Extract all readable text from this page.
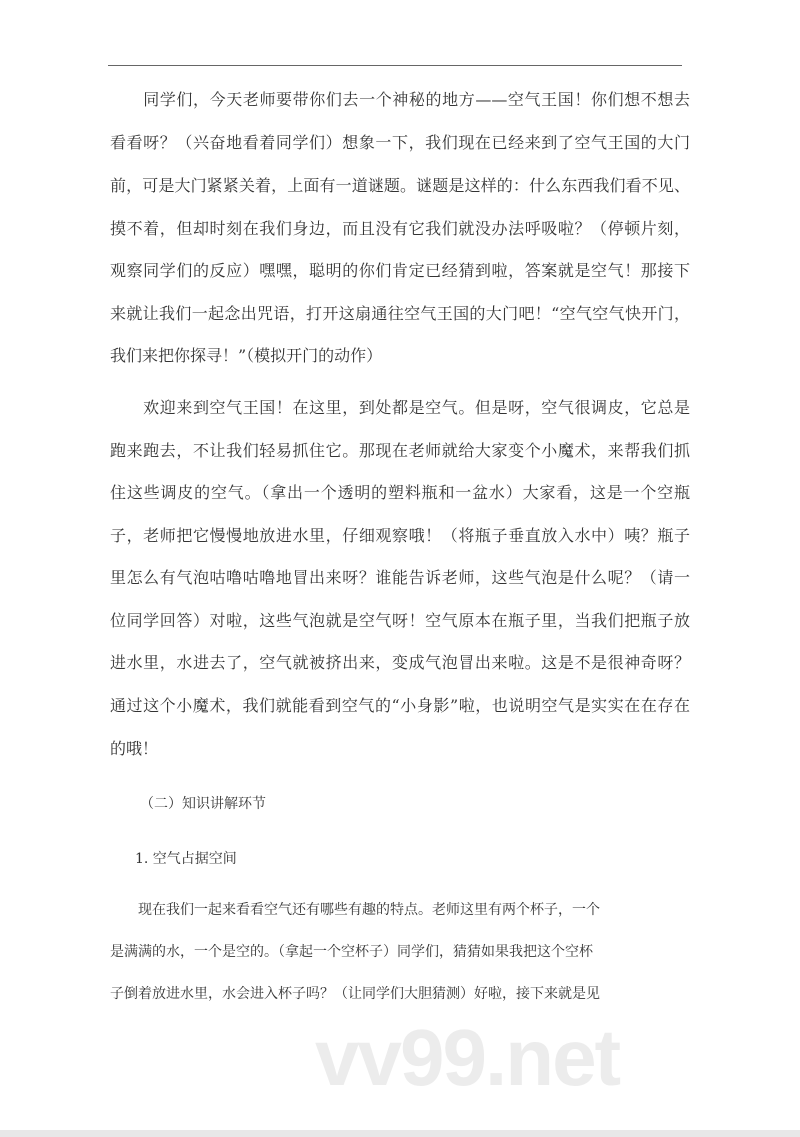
　　同学们，今天老师要带你们去一个神秘的地方——空气王国！你们想不想去
看看呀？（兴奋地看着同学们）想象一下，我们现在已经来到了空气王国的大门
前，可是大门紧紧关着，上面有一道谜题。谜题是这样的：什么东西我们看不见、
摸不着，但却时刻在我们身边，而且没有它我们就没办法呼吸啦？（停顿片刻，
观察同学们的反应）嘿嘿，聪明的你们肯定已经猜到啦，答案就是空气！那接下
来就让我们一起念出咒语，打开这扇通往空气王国的大门吧！“空气空气快开门，
我们来把你探寻！”（模拟开门的动作）
　　欢迎来到空气王国！在这里，到处都是空气。但是呀，空气很调皮，它总是
跑来跑去，不让我们轻易抓住它。那现在老师就给大家变个小魔术，来帮我们抓
住这些调皮的空气。（拿出一个透明的塑料瓶和一盆水）大家看，这是一个空瓶
子，老师把它慢慢地放进水里，仔细观察哦！（将瓶子垂直放入水中）咦？瓶子
里怎么有气泡咕噜咕噜地冒出来呀？谁能告诉老师，这些气泡是什么呢？（请一
位同学回答）对啦，这些气泡就是空气呀！空气原本在瓶子里，当我们把瓶子放
进水里，水进去了，空气就被挤出来，变成气泡冒出来啦。这是不是很神奇呀？
通过这个小魔术，我们就能看到空气的“小身影”啦，也说明空气是实实在在存在
的哦！
（二）知识讲解环节
1. 空气占据空间
　　现在我们一起来看看空气还有哪些有趣的特点。老师这里有两个杯子，一个
是满满的水，一个是空的。（拿起一个空杯子）同学们，猜猜如果我把这个空杯
子倒着放进水里，水会进入杯子吗？（让同学们大胆猜测）好啦，接下来就是见
vv99.net
